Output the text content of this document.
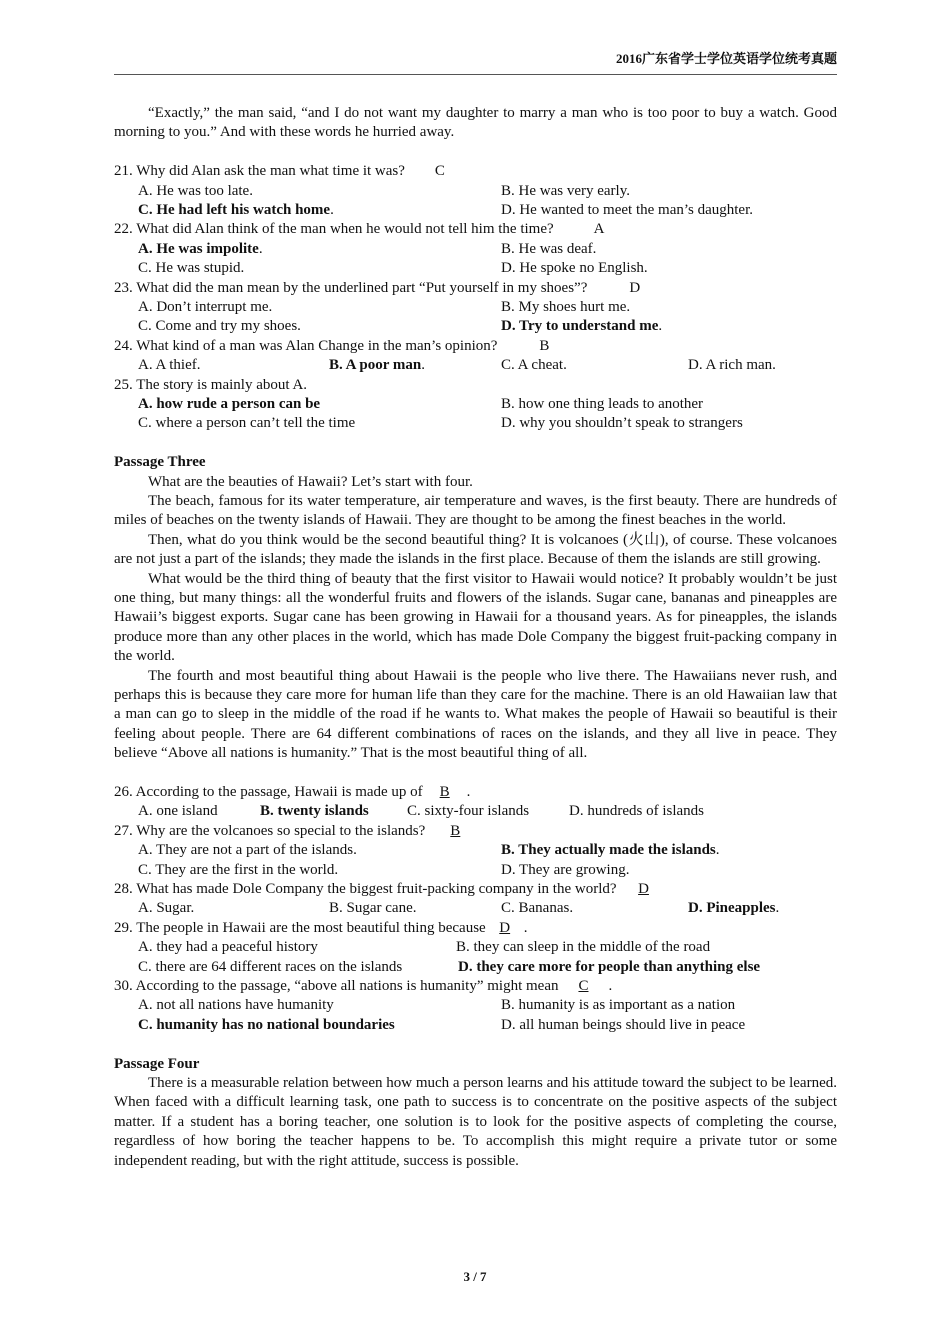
2016广东省学士学位英语学位统考真题

“Exactly,” the man said, “and I do not want my daughter to marry a man who is too poor to buy a watch. Good morning to you.” And with these words he hurried away.

21. Why did Alan ask the man what time it was? C
A. He was too late.	B. He was very early.
C. He had left his watch home.	D. He wanted to meet the man’s daughter.
22. What did Alan think of the man when he would not tell him the time?	A
A. He was impolite.	B. He was deaf.
C. He was stupid.	D. He spoke no English.
23. What did the man mean by the underlined part “Put yourself in my shoes”?	D
A. Don’t interrupt me.	B. My shoes hurt me.
C. Come and try my shoes.	D. Try to understand me.
24. What kind of a man was Alan Change in the man’s opinion?	B
A. A thief.	B. A poor man.	C. A cheat.	D. A rich man.
25. The story is mainly about A.
A. how rude a person can be	B. how one thing leads to another
C. where a person can’t tell the time	D. why you shouldn’t speak to strangers
Passage Three

What are the beauties of Hawaii? Let’s start with four.

The beach, famous for its water temperature, air temperature and waves, is the first beauty. There are hundreds of miles of beaches on the twenty islands of Hawaii. They are thought to be among the finest beaches in the world.

Then, what do you think would be the second beautiful thing? It is volcanoes (火山), of course. These volcanoes are not just a part of the islands; they made the islands in the first place. Because of them the islands are still growing.

What would be the third thing of beauty that the first visitor to Hawaii would notice? It probably wouldn’t be just one thing, but many things: all the wonderful fruits and flowers of the islands. Sugar cane, bananas and pineapples are Hawaii’s biggest exports. Sugar cane has been growing in Hawaii for a thousand years. As for pineapples, the islands produce more than any other places in the world, which has made Dole Company the biggest fruit-packing company in the world.

The fourth and most beautiful thing about Hawaii is the people who live there. The Hawaiians never rush, and perhaps this is because they care more for human life than they care for the machine. There is an old Hawaiian law that a man can go to sleep in the middle of the road if he wants to. What makes the people of Hawaii so beautiful is their feeling about people. There are 64 different combinations of races on the islands, and they all live in peace. They believe “Above all nations is humanity.” That is the most beautiful thing of all.

26. According to the passage, Hawaii is made up of B .
A. one island	B. twenty islands	C. sixty-four islands	D. hundreds of islands
27. Why are the volcanoes so special to the islands? B
A. They are not a part of the islands.	B. They actually made the islands.
C. They are the first in the world.	D. They are growing.
28. What has made Dole Company the biggest fruit-packing company in the world? D
A. Sugar.	B. Sugar cane.	C. Bananas.	D. Pineapples.
29. The people in Hawaii are the most beautiful thing because D .
A. they had a peaceful history	B. they can sleep in the middle of the road
C. there are 64 different races on the islands	D. they care more for people than anything else
30. According to the passage, “above all nations is humanity” might mean C .
A. not all nations have humanity	B. humanity is as important as a nation
C. humanity has no national boundaries	D. all human beings should live in peace
Passage Four

There is a measurable relation between how much a person learns and his attitude toward the subject to be learned. When faced with a difficult learning task, one path to success is to concentrate on the positive aspects of the subject matter. If a student has a boring teacher, one solution is to look for the positive aspects of completing the course, regardless of how boring the teacher happens to be. To accomplish this might require a private tutor or some independent reading, but with the right attitude, success is possible.

3 / 7
